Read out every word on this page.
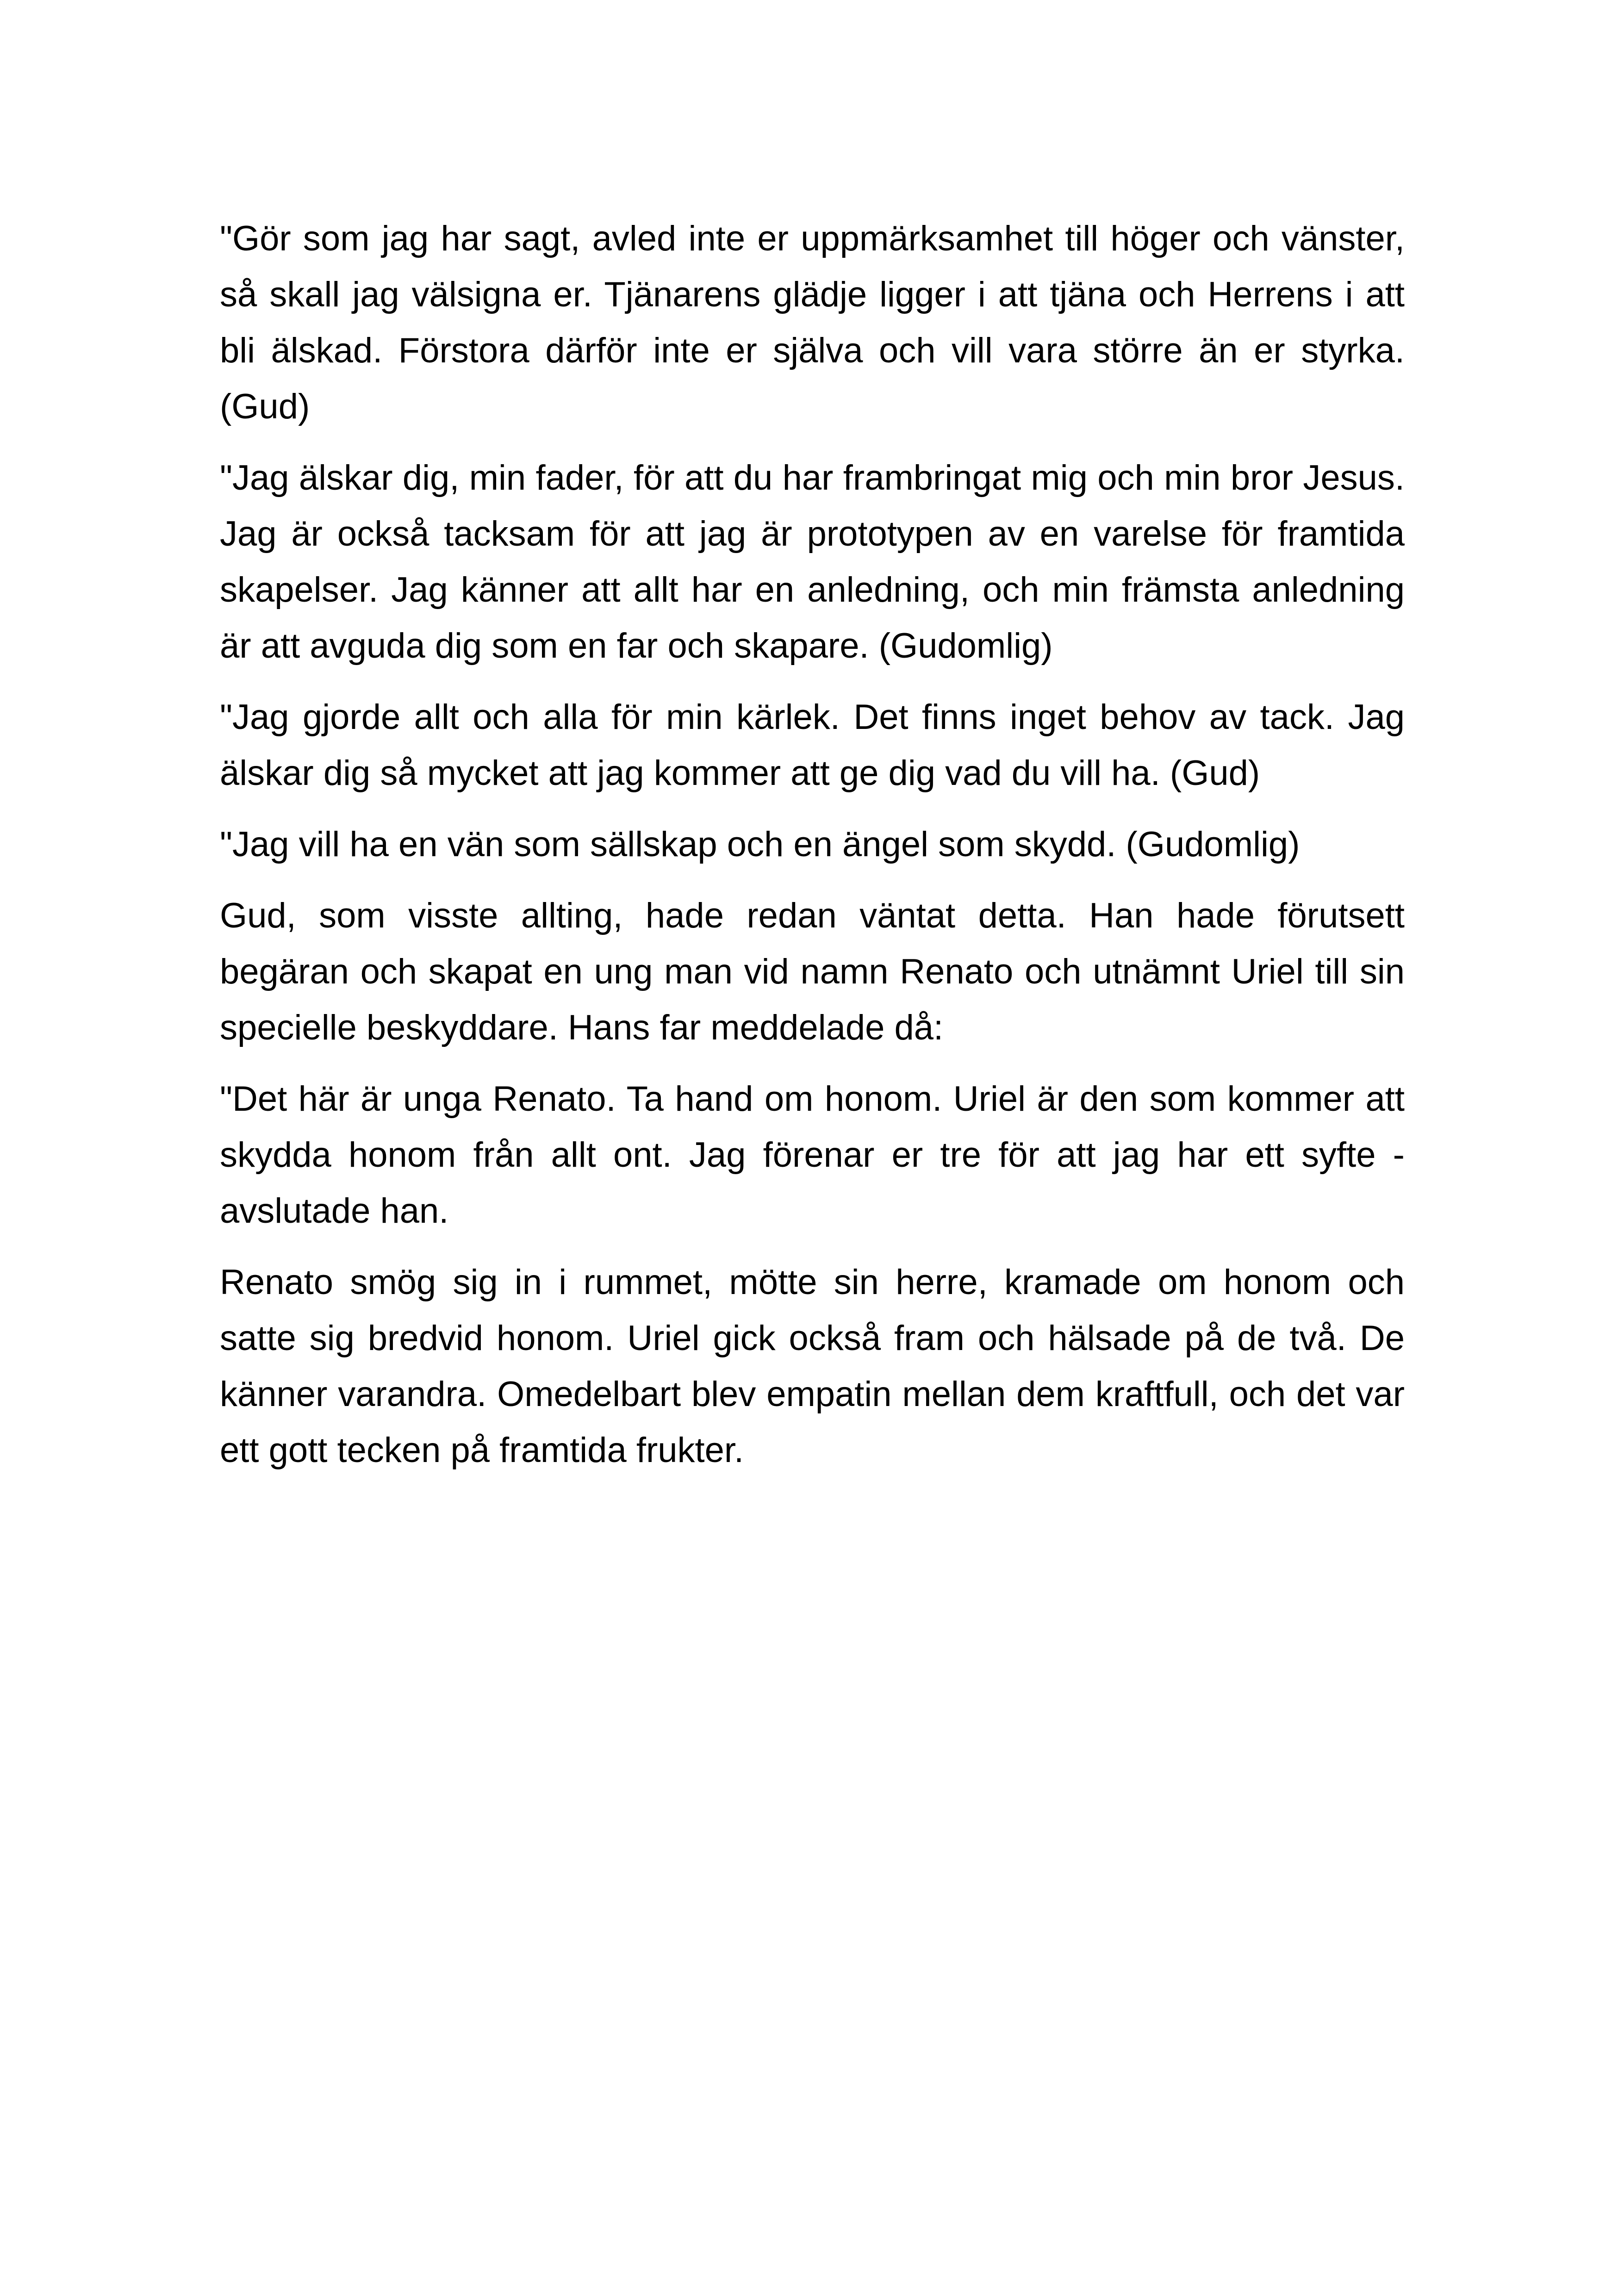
"Gör som jag har sagt, avled inte er uppmärksamhet till höger och vänster, så skall jag välsigna er. Tjänarens glädje ligger i att tjäna och Herrens i att bli älskad. Förstora därför inte er själva och vill vara större än er styrka. (Gud)

"Jag älskar dig, min fader, för att du har frambringat mig och min bror Jesus. Jag är också tacksam för att jag är prototypen av en varelse för framtida skapelser. Jag känner att allt har en anledning, och min främsta anledning är att avguda dig som en far och skapare. (Gudomlig)

"Jag gjorde allt och alla för min kärlek. Det finns inget behov av tack. Jag älskar dig så mycket att jag kommer att ge dig vad du vill ha. (Gud)

"Jag vill ha en vän som sällskap och en ängel som skydd. (Gudomlig)

Gud, som visste allting, hade redan väntat detta. Han hade förutsett begäran och skapat en ung man vid namn Renato och utnämnt Uriel till sin specielle beskyddare. Hans far meddelade då:

"Det här är unga Renato. Ta hand om honom. Uriel är den som kommer att skydda honom från allt ont. Jag förenar er tre för att jag har ett syfte - avslutade han.

Renato smög sig in i rummet, mötte sin herre, kramade om honom och satte sig bredvid honom. Uriel gick också fram och hälsade på de två. De känner varandra. Omedelbart blev empatin mellan dem kraftfull, och det var ett gott tecken på framtida frukter.
